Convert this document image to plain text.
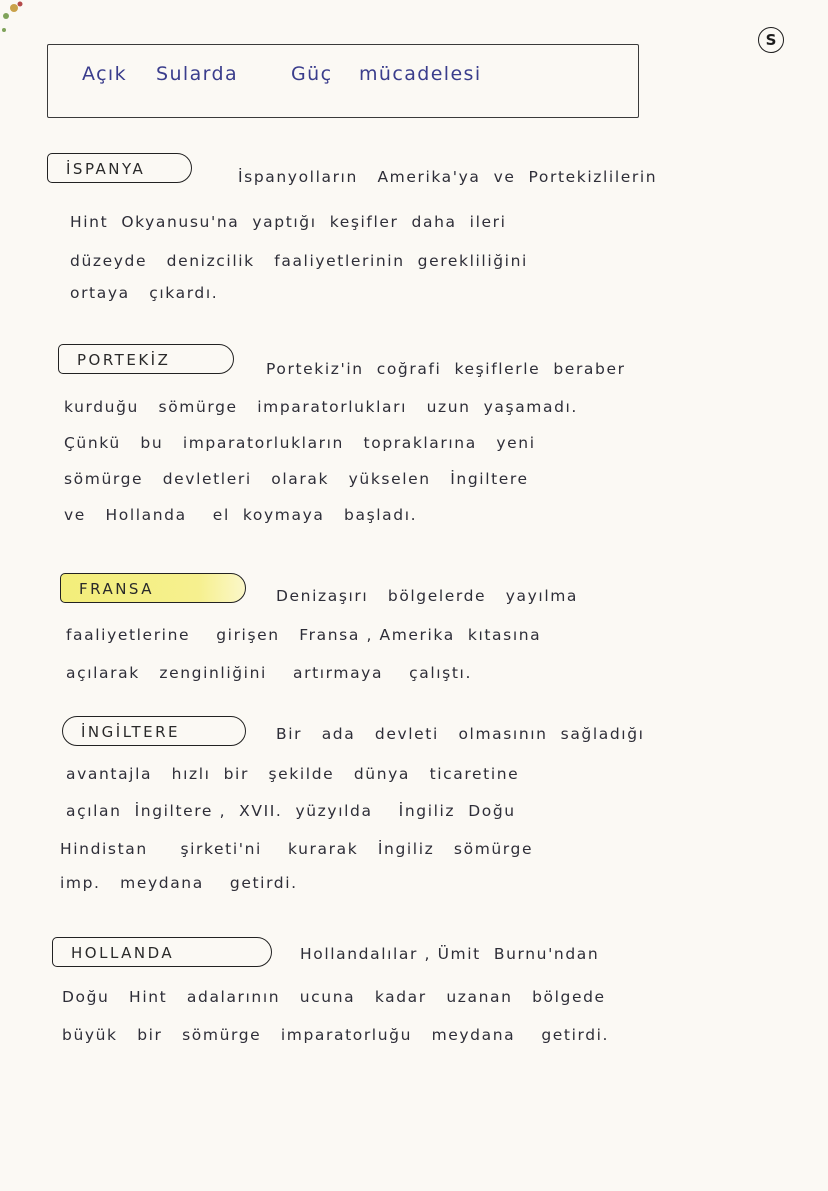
S
Açık Sularda	Güç mücadelesi
İSPANYA	İspanyolların   Amerika'ya  ve  Portekizlilerin
Hint  Okyanusu'na  yaptığı  keşifler  daha  ileri
düzeyde   denizcilik   faaliyetlerinin  gerekliliğini
ortaya   çıkardı.
PORTEKİZ	Portekiz'in  coğrafi  keşiflerle  beraber
kurduğu   sömürge   imparatorlukları   uzun  yaşamadı.
Çünkü   bu   imparatorlukların   topraklarına   yeni
sömürge   devletleri   olarak   yükselen   İngiltere
ve   Hollanda    el  koymaya   başladı.
FRANSA	Denizaşırı   bölgelerde   yayılma
faaliyetlerine    girişen   Fransa , Amerika  kıtasına
açılarak   zenginliğini    artırmaya    çalıştı.
İNGİLTERE	Bir   ada   devleti   olmasının  sağladığı
avantajla   hızlı  bir   şekilde   dünya   ticaretine
açılan  İngiltere ,  XVII.  yüzyılda    İngiliz  Doğu
Hindistan     şirketi'ni    kurarak   İngiliz   sömürge
imp.   meydana    getirdi.
HOLLANDA	Hollandalılar , Ümit  Burnu'ndan
Doğu   Hint   adalarının   ucuna   kadar   uzanan   bölgede
büyük   bir   sömürge   imparatorluğu   meydana    getirdi.
